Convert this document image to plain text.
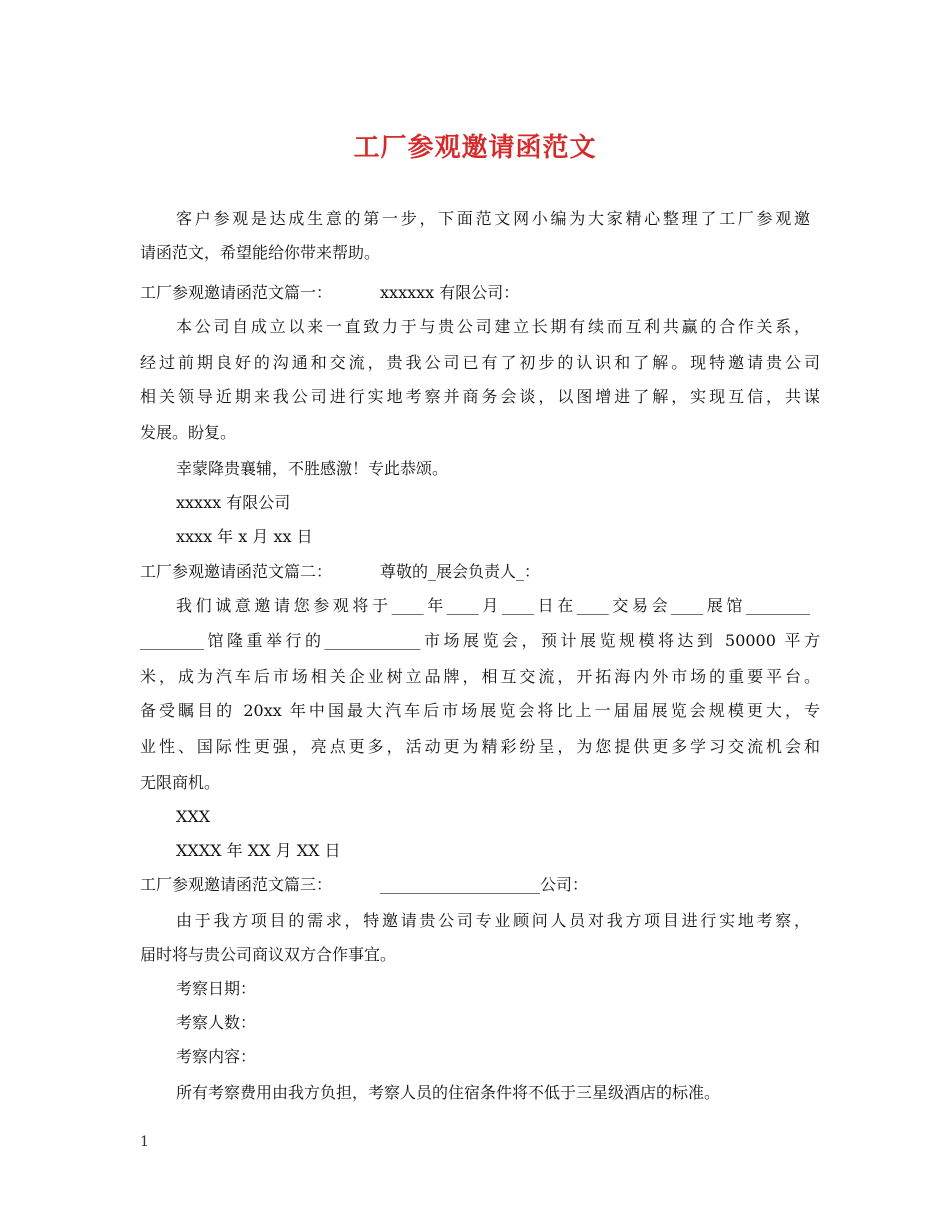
工厂参观邀请函范文
客户参观是达成生意的第一步，下面范文网小编为大家精心整理了工厂参观邀
请函范文，希望能给你带来帮助。
工厂参观邀请函范文篇一：	xxxxxx 有限公司：
本公司自成立以来一直致力于与贵公司建立长期有续而互利共赢的合作关系，
经过前期良好的沟通和交流，贵我公司已有了初步的认识和了解。现特邀请贵公司
相关领导近期来我公司进行实地考察并商务会谈，以图增进了解，实现互信，共谋
发展。盼复。
幸蒙降贵襄辅，不胜感激！专此恭颂。
xxxxx 有限公司
xxxx 年 x 月 xx 日
工厂参观邀请函范文篇二：	尊敬的_展会负责人_：
我们诚意邀请您参观将于____年____月____日在____交易会____展馆________
________馆隆重举行的____________市场展览会，预计展览规模将达到 50000 平方
米，成为汽车后市场相关企业树立品牌，相互交流，开拓海内外市场的重要平台。
备受瞩目的 20xx 年中国最大汽车后市场展览会将比上一届届展览会规模更大，专
业性、国际性更强，亮点更多，活动更为精彩纷呈，为您提供更多学习交流机会和
无限商机。
XXX
XXXX 年 XX 月 XX 日
工厂参观邀请函范文篇三：	____________________公司：
由于我方项目的需求，特邀请贵公司专业顾问人员对我方项目进行实地考察，
届时将与贵公司商议双方合作事宜。
考察日期：
考察人数：
考察内容：
所有考察费用由我方负担，考察人员的住宿条件将不低于三星级酒店的标准。
1
